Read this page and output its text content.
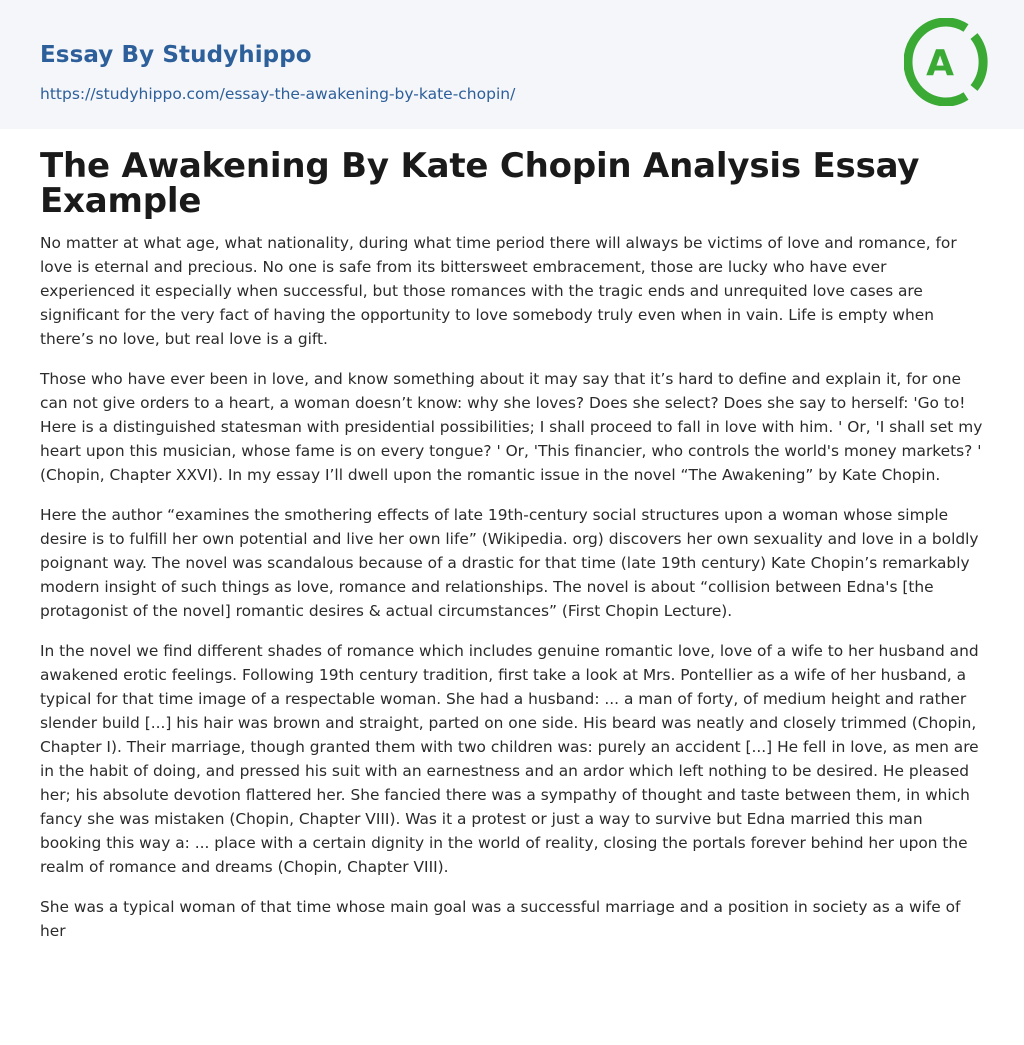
Essay By Studyhippo
https://studyhippo.com/essay-the-awakening-by-kate-chopin/
A
The Awakening By Kate Chopin Analysis Essay Example

No matter at what age, what nationality, during what time period there will always be victims of love and romance, for love is eternal and precious. No one is safe from its bittersweet embracement, those are lucky who have ever experienced it especially when successful, but those romances with the tragic ends and unrequited love cases are significant for the very fact of having the opportunity to love somebody truly even when in vain. Life is empty when there’s no love, but real love is a gift.

Those who have ever been in love, and know something about it may say that it’s hard to define and explain it, for one can not give orders to a heart, a woman doesn’t know: why she loves? Does she select? Does she say to herself: 'Go to! Here is a distinguished statesman with presidential possibilities; I shall proceed to fall in love with him. ' Or, 'I shall set my heart upon this musician, whose fame is on every tongue? ' Or, 'This financier, who controls the world's money markets? ' (Chopin, Chapter XXVI). In my essay I’ll dwell upon the romantic issue in the novel “The Awakening” by Kate Chopin.

Here the author “examines the smothering effects of late 19th-century social structures upon a woman whose simple desire is to fulfill her own potential and live her own life” (Wikipedia. org) discovers her own sexuality and love in a boldly poignant way. The novel was scandalous because of a drastic for that time (late 19th century) Kate Chopin’s remarkably modern insight of such things as love, romance and relationships. The novel is about “collision between Edna's [the protagonist of the novel] romantic desires & actual circumstances” (First Chopin Lecture).

In the novel we find different shades of romance which includes genuine romantic love, love of a wife to her husband and awakened erotic feelings. Following 19th century tradition, first take a look at Mrs. Pontellier as a wife of her husband, a typical for that time image of a respectable woman. She had a husband: ... a man of forty, of medium height and rather slender build [...] his hair was brown and straight, parted on one side. His beard was neatly and closely trimmed (Chopin, Chapter I). Their marriage, though granted them with two children was: purely an accident [...] He fell in love, as men are in the habit of doing, and pressed his suit with an earnestness and an ardor which left nothing to be desired. He pleased her; his absolute devotion flattered her. She fancied there was a sympathy of thought and taste between them, in which fancy she was mistaken (Chopin, Chapter VIII). Was it a protest or just a way to survive but Edna married this man booking this way a: ... place with a certain dignity in the world of reality, closing the portals forever behind her upon the realm of romance and dreams (Chopin, Chapter VIII).

She was a typical woman of that time whose main goal was a successful marriage and a position in society as a wife of her
